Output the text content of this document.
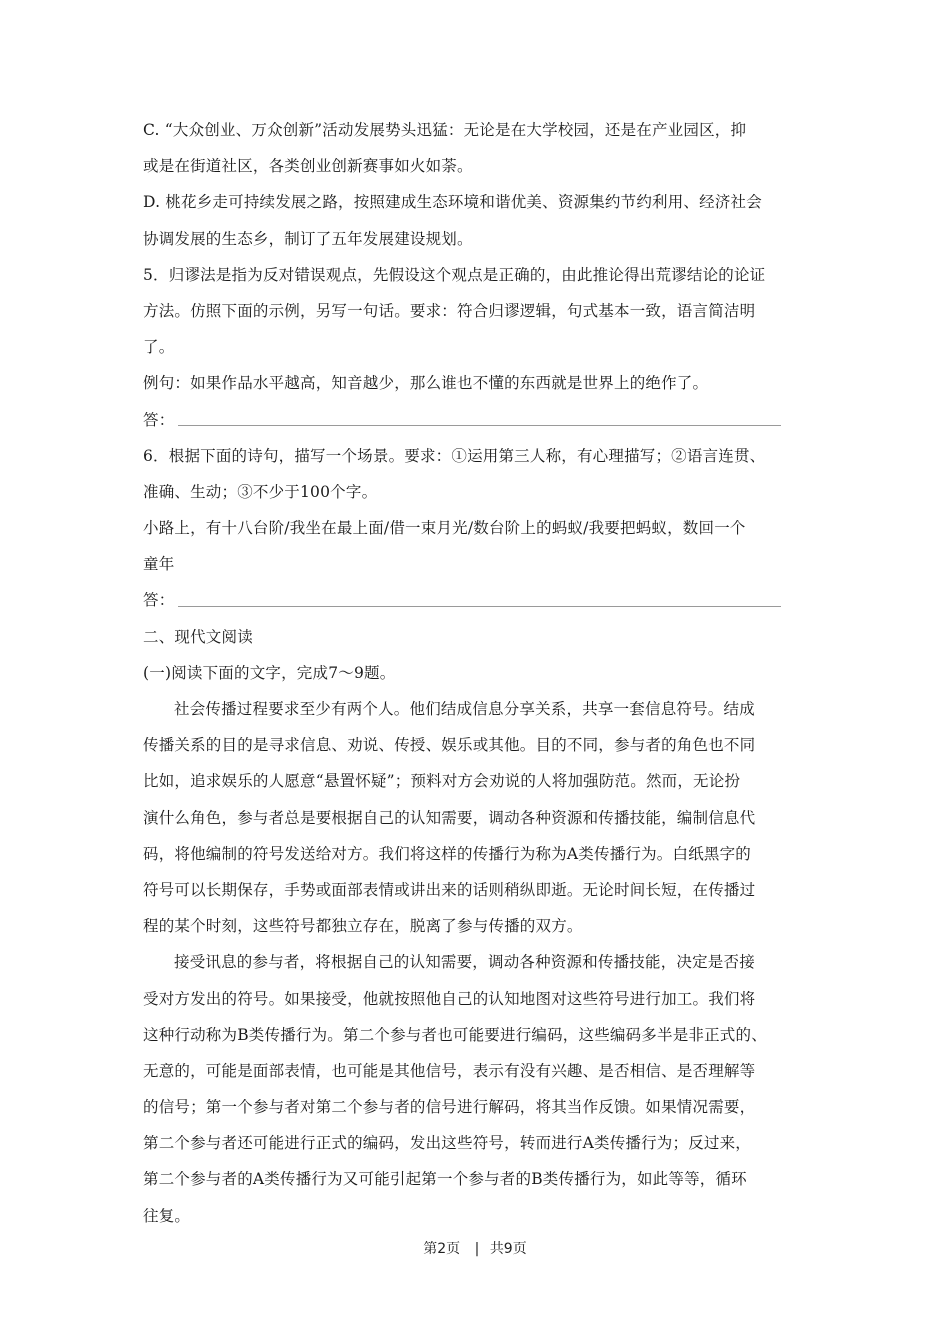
C. “大众创业、万众创新”活动发展势头迅猛：无论是在大学校园，还是在产业园区，抑
或是在街道社区，各类创业创新赛事如火如荼。
D. 桃花乡走可持续发展之路，按照建成生态环境和谐优美、资源集约节约利用、经济社会
协调发展的生态乡，制订了五年发展建设规划。
5．归谬法是指为反对错误观点，先假设这个观点是正确的，由此推论得出荒谬结论的论证
方法。仿照下面的示例，另写一句话。要求：符合归谬逻辑，句式基本一致，语言简洁明
了。
例句：如果作品水平越高，知音越少，那么谁也不懂的东西就是世界上的绝作了。
答：
6．根据下面的诗句，描写一个场景。要求：①运用第三人称，有心理描写；②语言连贯、
准确、生动；③不少于100个字。
小路上，有十八台阶/我坐在最上面/借一束月光/数台阶上的蚂蚁/我要把蚂蚁，数回一个
童年
答：
二、现代文阅读
(一)阅读下面的文字，完成7～9题。
社会传播过程要求至少有两个人。他们结成信息分享关系，共享一套信息符号。结成
传播关系的目的是寻求信息、劝说、传授、娱乐或其他。目的不同，参与者的角色也不同
比如，追求娱乐的人愿意“悬置怀疑”；预料对方会劝说的人将加强防范。然而，无论扮
演什么角色，参与者总是要根据自己的认知需要，调动各种资源和传播技能，编制信息代
码，将他编制的符号发送给对方。我们将这样的传播行为称为A类传播行为。白纸黑字的
符号可以长期保存，手势或面部表情或讲出来的话则稍纵即逝。无论时间长短，在传播过
程的某个时刻，这些符号都独立存在，脱离了参与传播的双方。
接受讯息的参与者，将根据自己的认知需要，调动各种资源和传播技能，决定是否接
受对方发出的符号。如果接受，他就按照他自己的认知地图对这些符号进行加工。我们将
这种行动称为B类传播行为。第二个参与者也可能要进行编码，这些编码多半是非正式的、
无意的，可能是面部表情，也可能是其他信号，表示有没有兴趣、是否相信、是否理解等
的信号；第一个参与者对第二个参与者的信号进行解码，将其当作反馈。如果情况需要，
第二个参与者还可能进行正式的编码，发出这些符号，转而进行A类传播行为；反过来，
第二个参与者的A类传播行为又可能引起第一个参与者的B类传播行为，如此等等，循环
往复。
第2页 | 共9页
